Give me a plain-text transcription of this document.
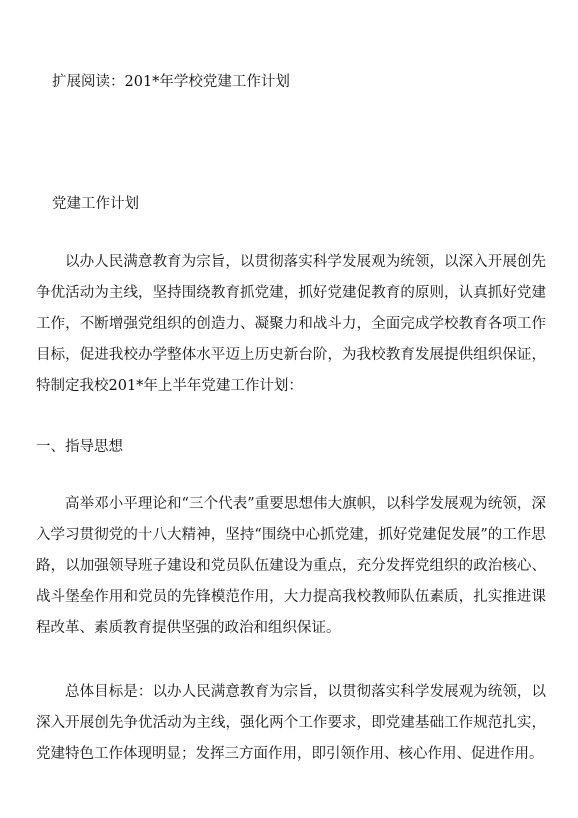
扩展阅读：201*年学校党建工作计划
党建工作计划

以办人民满意教育为宗旨，以贯彻落实科学发展观为统领，以深入开展创先争优活动为主线，坚持围绕教育抓党建，抓好党建促教育的原则，认真抓好党建工作，不断增强党组织的创造力、凝聚力和战斗力，全面完成学校教育各项工作目标，促进我校办学整体水平迈上历史新台阶，为我校教育发展提供组织保证，特制定我校201*年上半年党建工作计划：

一、指导思想

高举邓小平理论和“三个代表”重要思想伟大旗帜，以科学发展观为统领，深入学习贯彻党的十八大精神，坚持“围绕中心抓党建，抓好党建促发展”的工作思路，以加强领导班子建设和党员队伍建设为重点，充分发挥党组织的政治核心、战斗堡垒作用和党员的先锋模范作用，大力提高我校教师队伍素质，扎实推进课程改革、素质教育提供坚强的政治和组织保证。

总体目标是：以办人民满意教育为宗旨，以贯彻落实科学发展观为统领，以深入开展创先争优活动为主线，强化两个工作要求，即党建基础工作规范扎实，党建特色工作体现明显；发挥三方面作用，即引领作用、核心作用、促进作用。
